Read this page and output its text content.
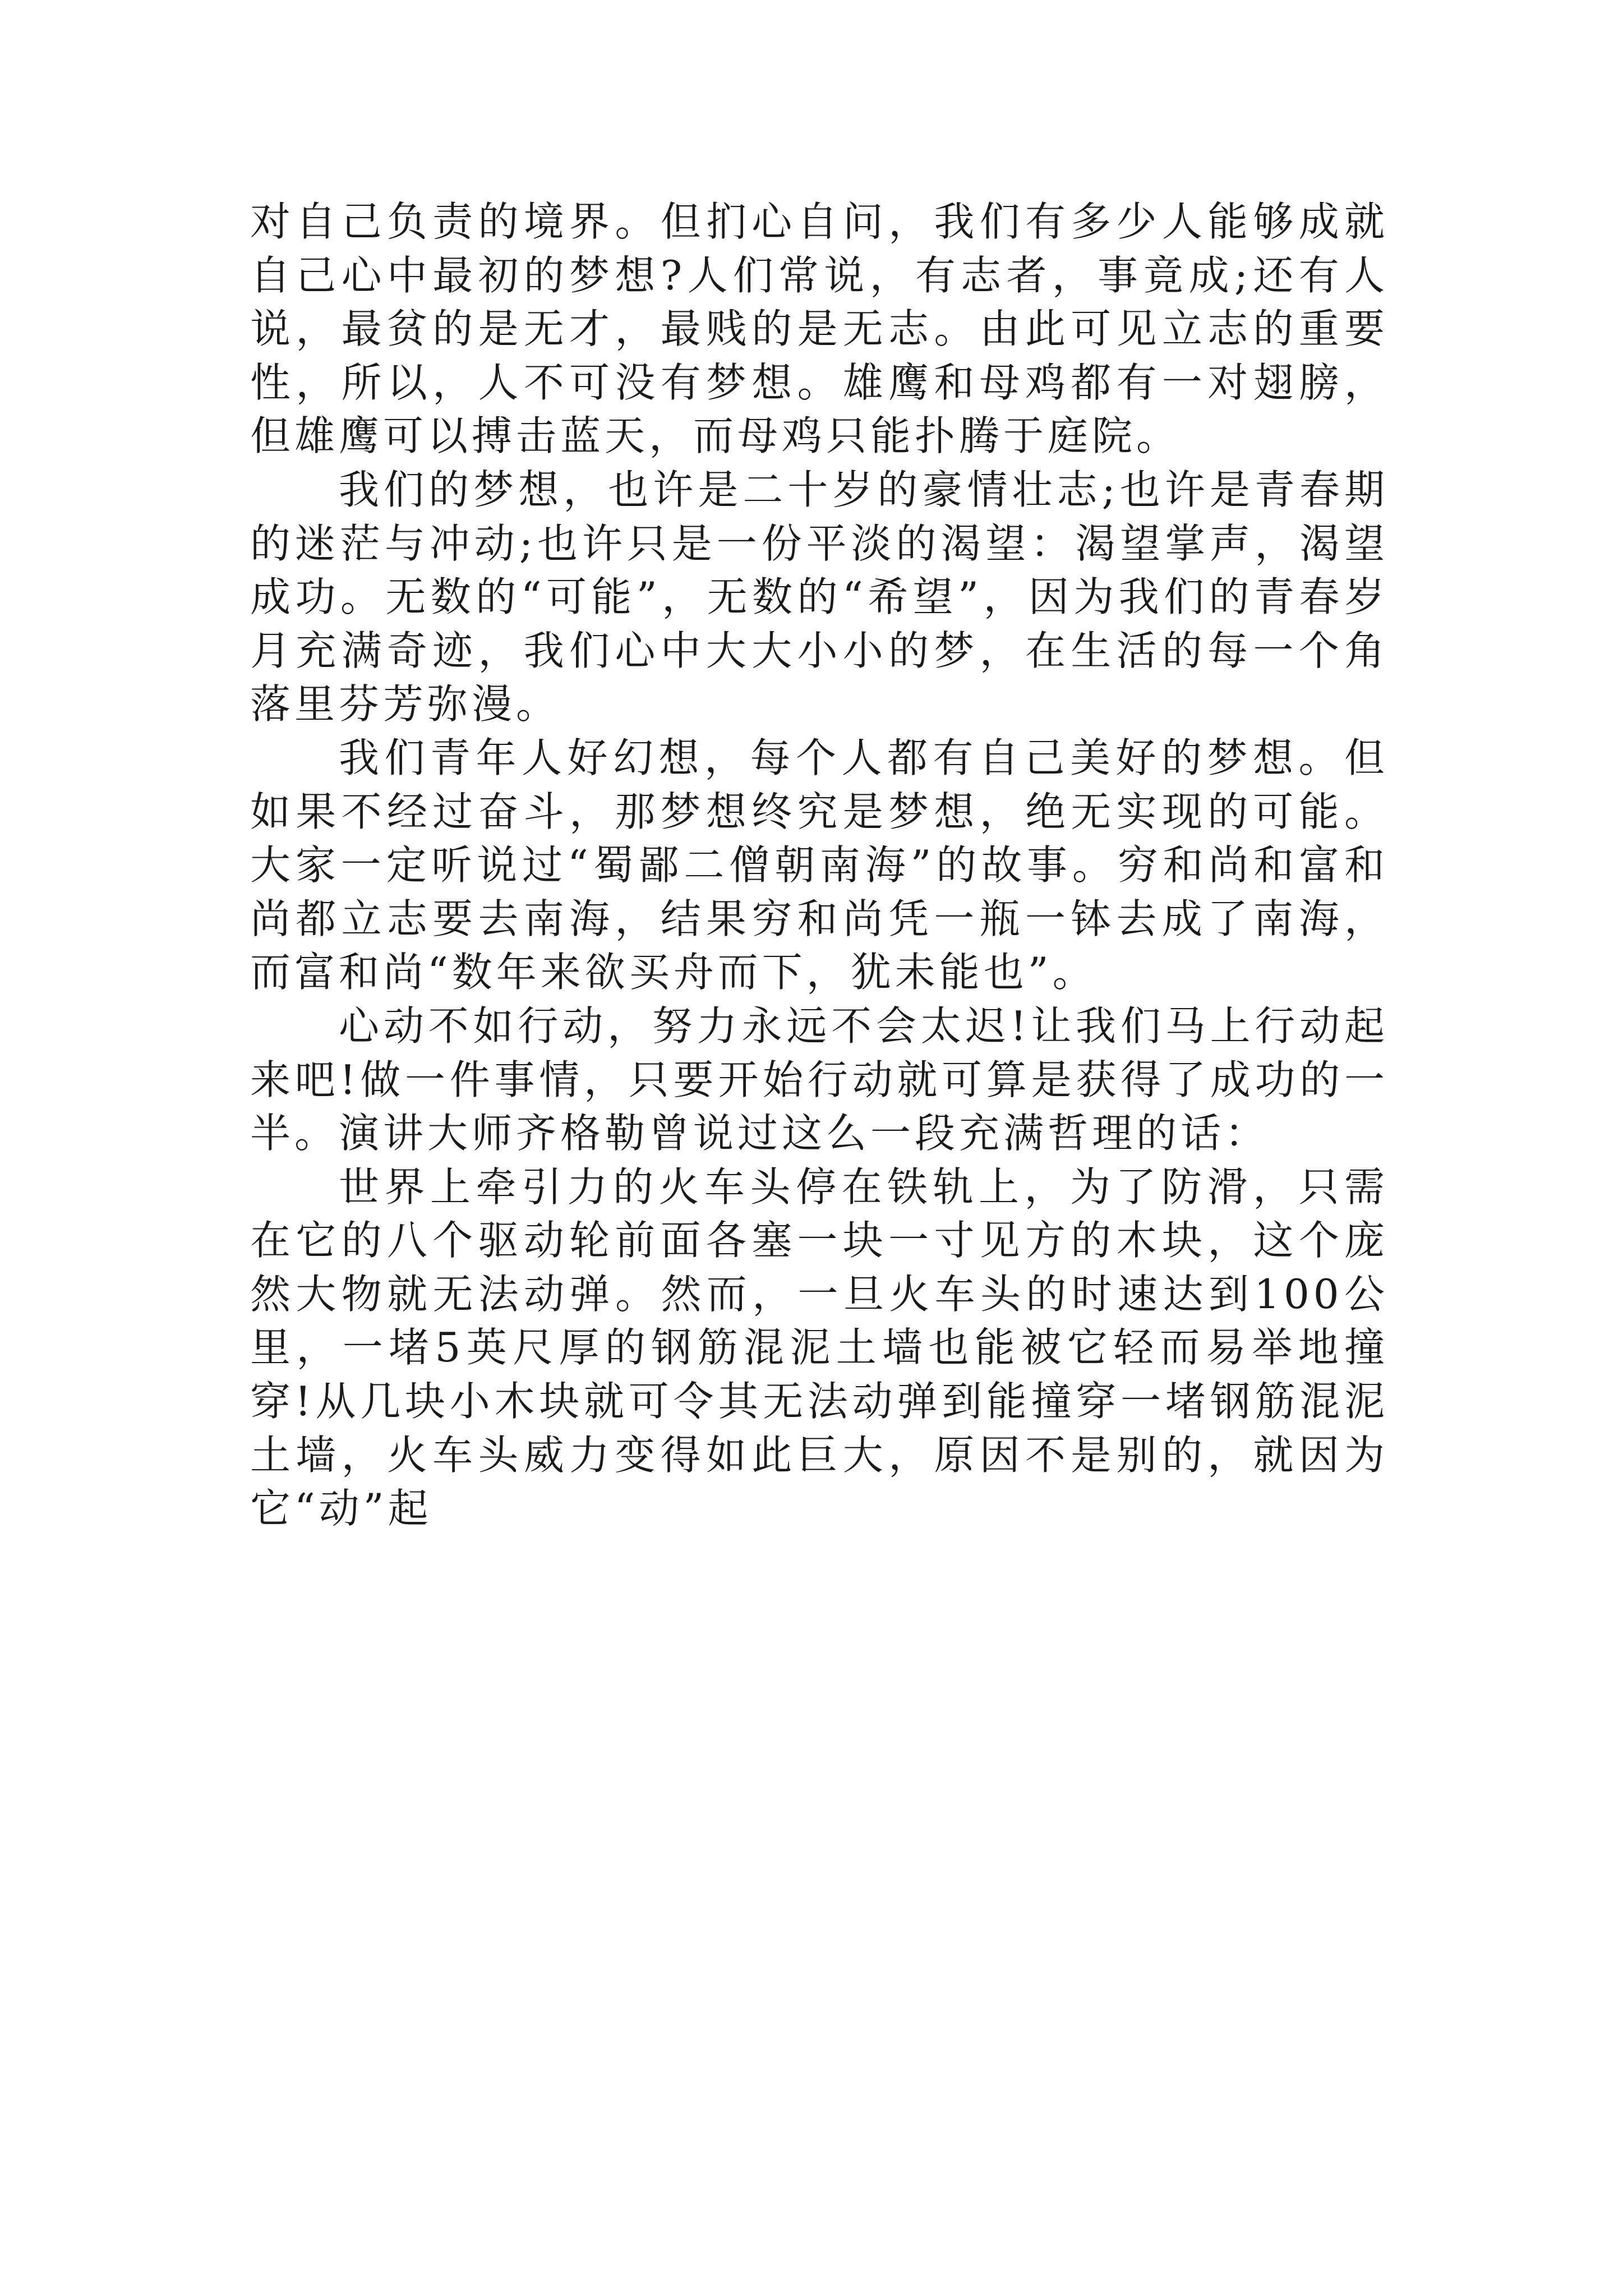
对自己负责的境界。但扪心自问，我们有多少人能够成就自己心中最初的梦想?人们常说，有志者，事竟成;还有人说，最贫的是无才，最贱的是无志。由此可见立志的重要性，所以，人不可没有梦想。雄鹰和母鸡都有一对翅膀，但雄鹰可以搏击蓝天，而母鸡只能扑腾于庭院。

我们的梦想，也许是二十岁的豪情壮志;也许是青春期的迷茫与冲动;也许只是一份平淡的渴望：渴望掌声，渴望成功。无数的“可能”，无数的“希望”，因为我们的青春岁月充满奇迹，我们心中大大小小的梦，在生活的每一个角落里芬芳弥漫。

我们青年人好幻想，每个人都有自己美好的梦想。但如果不经过奋斗，那梦想终究是梦想，绝无实现的可能。大家一定听说过“蜀鄙二僧朝南海”的故事。穷和尚和富和尚都立志要去南海，结果穷和尚凭一瓶一钵去成了南海，而富和尚“数年来欲买舟而下，犹未能也”。

心动不如行动，努力永远不会太迟!让我们马上行动起来吧!做一件事情，只要开始行动就可算是获得了成功的一半。演讲大师齐格勒曾说过这么一段充满哲理的话：

世界上牵引力的火车头停在铁轨上，为了防滑，只需在它的八个驱动轮前面各塞一块一寸见方的木块，这个庞然大物就无法动弹。然而，一旦火车头的时速达到100公里，一堵5英尺厚的钢筋混泥土墙也能被它轻而易举地撞穿!从几块小木块就可令其无法动弹到能撞穿一堵钢筋混泥土墙，火车头威力变得如此巨大，原因不是别的，就因为它“动”起
